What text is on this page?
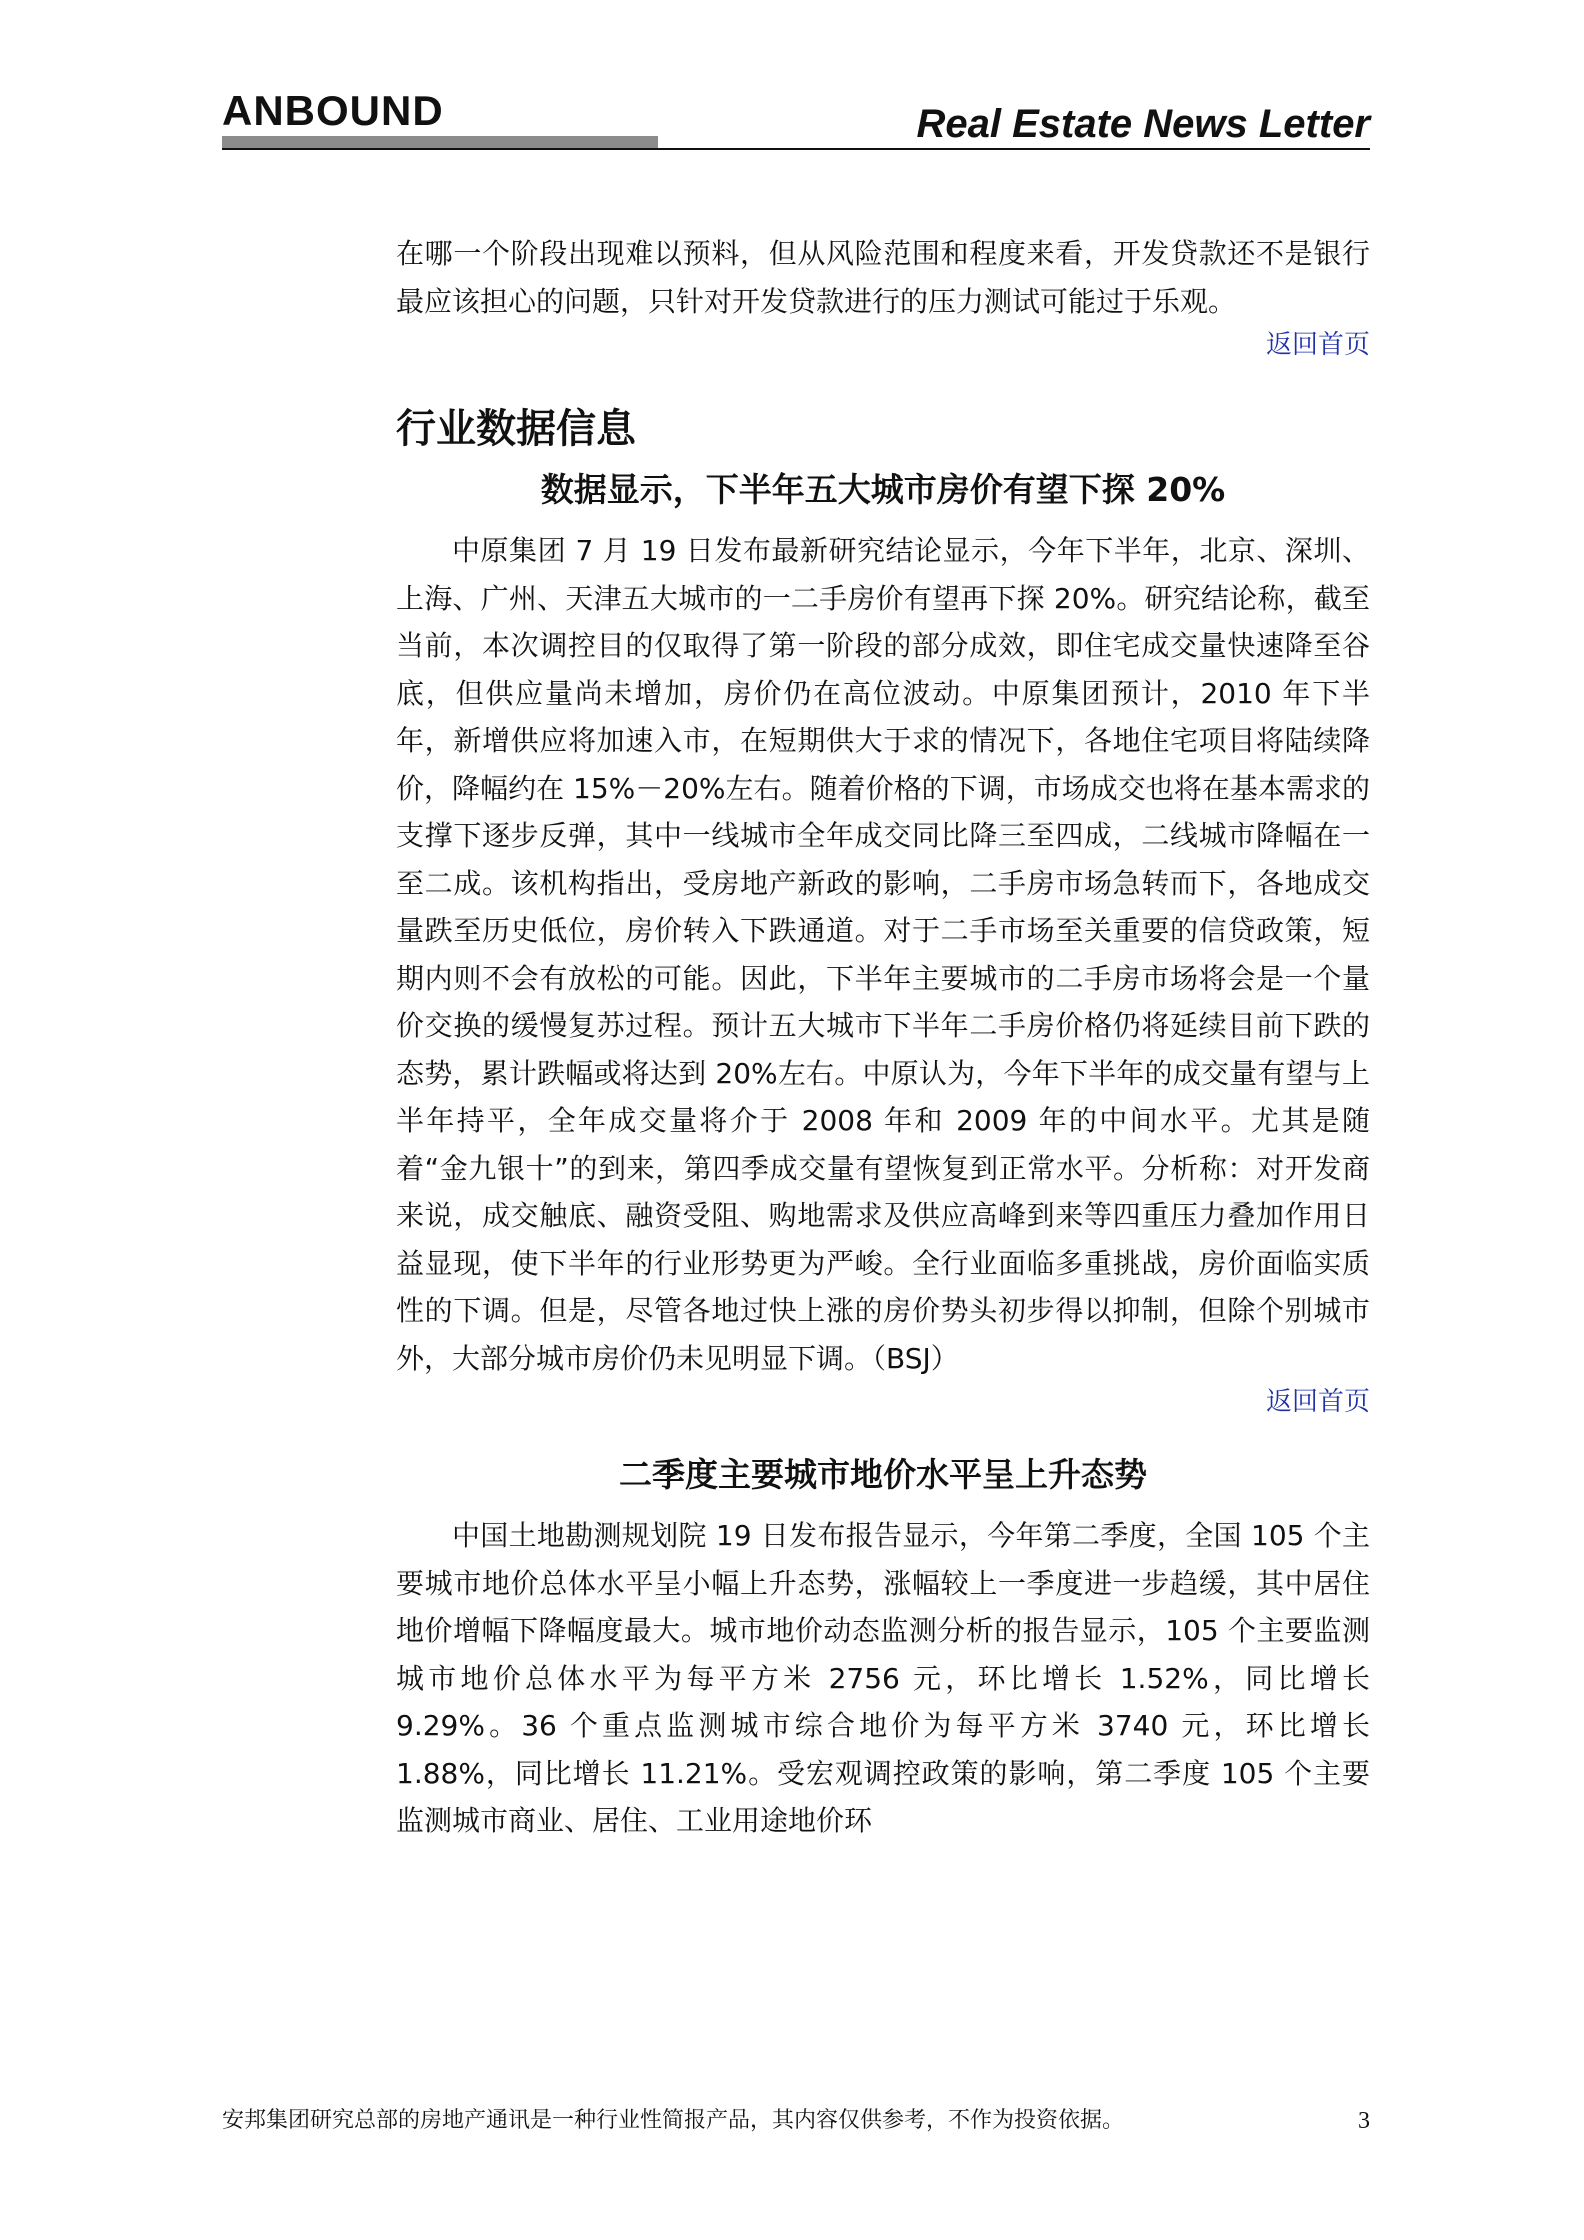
ANBOUND	Real Estate News Letter

在哪一个阶段出现难以预料，但从风险范围和程度来看，开发贷款还不是银行最应该担心的问题，只针对开发贷款进行的压力测试可能过于乐观。

返回首页
行业数据信息
数据显示，下半年五大城市房价有望下探 20%

中原集团 7 月 19 日发布最新研究结论显示，今年下半年，北京、深圳、上海、广州、天津五大城市的一二手房价有望再下探 20%。研究结论称，截至当前，本次调控目的仅取得了第一阶段的部分成效，即住宅成交量快速降至谷底，但供应量尚未增加，房价仍在高位波动。中原集团预计，2010 年下半年，新增供应将加速入市，在短期供大于求的情况下，各地住宅项目将陆续降价，降幅约在 15%－20%左右。随着价格的下调，市场成交也将在基本需求的支撑下逐步反弹，其中一线城市全年成交同比降三至四成，二线城市降幅在一至二成。该机构指出，受房地产新政的影响，二手房市场急转而下，各地成交量跌至历史低位，房价转入下跌通道。对于二手市场至关重要的信贷政策，短期内则不会有放松的可能。因此，下半年主要城市的二手房市场将会是一个量价交换的缓慢复苏过程。预计五大城市下半年二手房价格仍将延续目前下跌的态势，累计跌幅或将达到 20%左右。中原认为，今年下半年的成交量有望与上半年持平，全年成交量将介于 2008 年和 2009 年的中间水平。尤其是随着“金九银十”的到来，第四季成交量有望恢复到正常水平。分析称：对开发商来说，成交触底、融资受阻、购地需求及供应高峰到来等四重压力叠加作用日益显现，使下半年的行业形势更为严峻。全行业面临多重挑战，房价面临实质性的下调。但是，尽管各地过快上涨的房价势头初步得以抑制，但除个别城市外，大部分城市房价仍未见明显下调。（BSJ）

返回首页
二季度主要城市地价水平呈上升态势

中国土地勘测规划院 19 日发布报告显示，今年第二季度，全国 105 个主要城市地价总体水平呈小幅上升态势，涨幅较上一季度进一步趋缓，其中居住地价增幅下降幅度最大。城市地价动态监测分析的报告显示，105 个主要监测城市地价总体水平为每平方米 2756 元，环比增长 1.52%，同比增长 9.29%。36 个重点监测城市综合地价为每平方米 3740 元，环比增长 1.88%，同比增长 11.21%。受宏观调控政策的影响，第二季度 105 个主要监测城市商业、居住、工业用途地价环

安邦集团研究总部的房地产通讯是一种行业性简报产品，其内容仅供参考，不作为投资依据。	3
